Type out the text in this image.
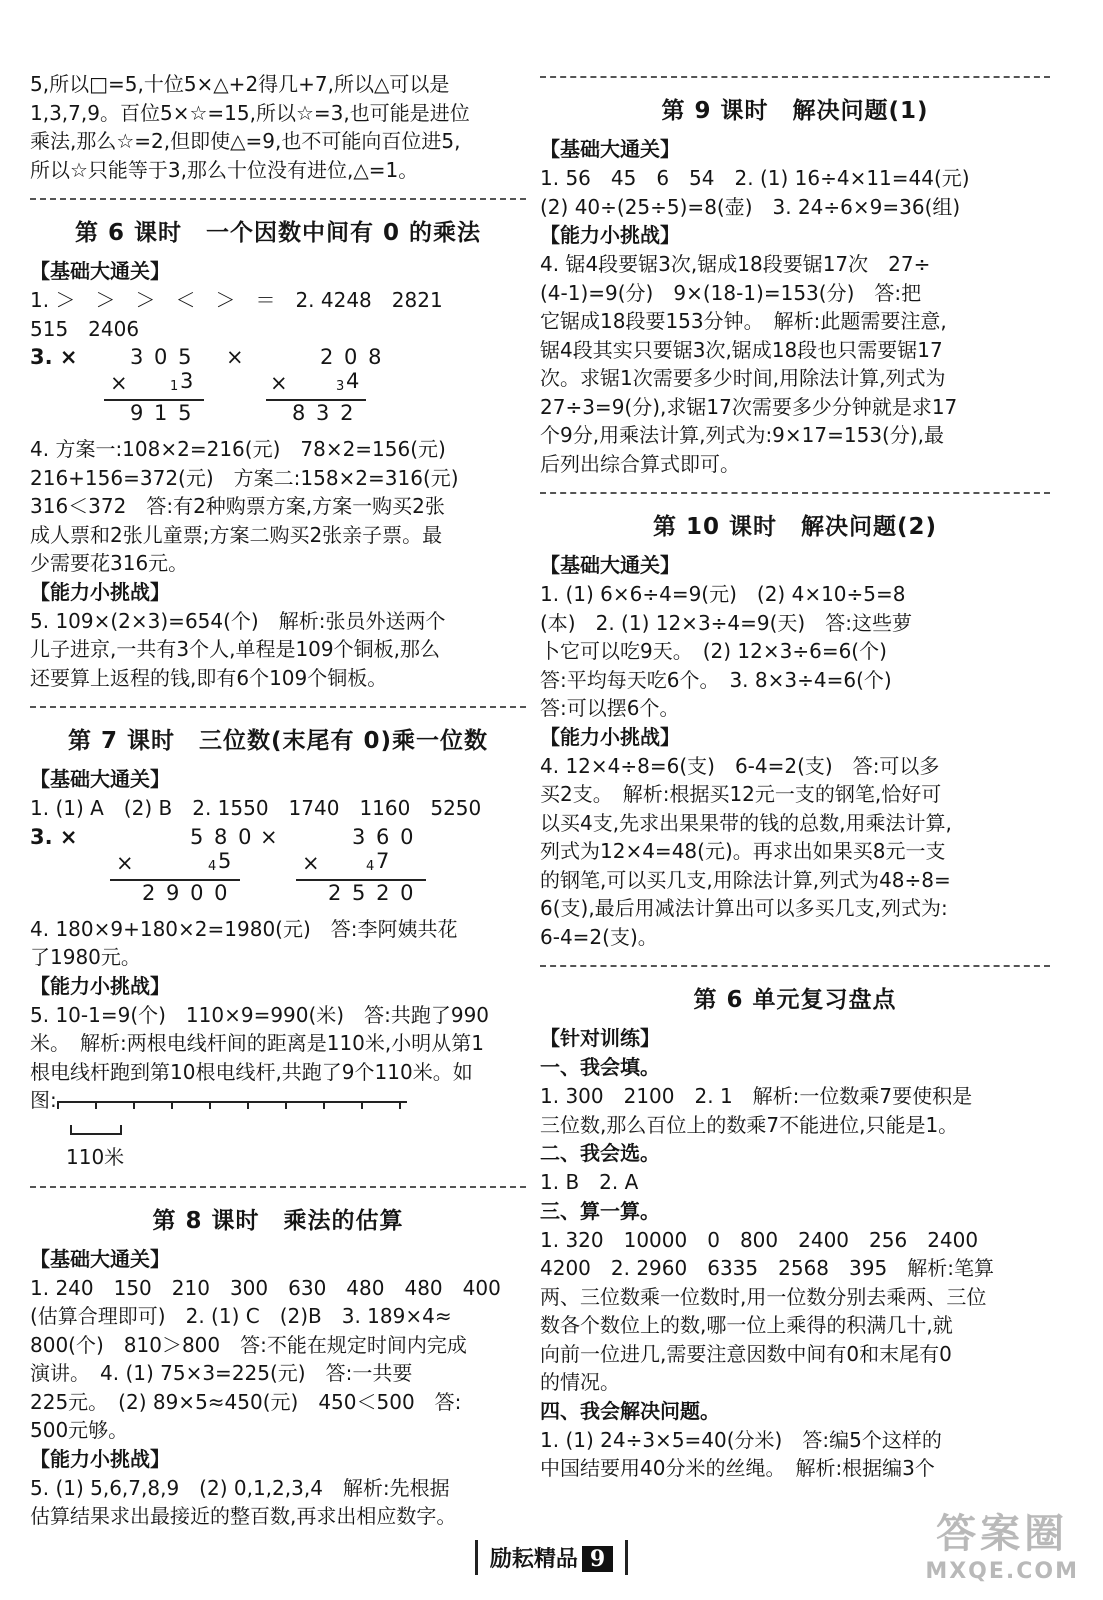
5,所以□=5,十位5×△+2得几+7,所以△可以是

1,3,7,9。百位5×☆=15,所以☆=3,也可能是进位

乘法,那么☆=2,但即使△=9,也不可能向百位进5,

所以☆只能等于3,那么十位没有进位,△=1。

第 6 课时　一个因数中间有 0 的乘法

【基础大通关】

1. ＞　＞　＞　＜　＞　＝　2. 4248　2821

515　2406

3. ×	3 0 5
×	1 3
9 1 5
×	2 0 8
×	3 4
8 3 2

4. 方案一:108×2=216(元)　78×2=156(元)

216+156=372(元)　方案二:158×2=316(元)

316＜372　答:有2种购票方案,方案一购买2张

成人票和2张儿童票;方案二购买2张亲子票。最

少需要花316元。

【能力小挑战】

5. 109×(2×3)=654(个)　解析:张员外送两个

儿子进京,一共有3个人,单程是109个铜板,那么

还要算上返程的钱,即有6个109个铜板。

第 7 课时　三位数(末尾有 0)乘一位数

【基础大通关】

1. (1) A　(2) B　2. 1550　1740　1160　5250

3. ×	5 8 0
×	4 5
2 9 0 0
×	3 6 0
×	4 7
2 5 2 0

4. 180×9+180×2=1980(元)　答:李阿姨共花

了1980元。

【能力小挑战】

5. 10-1=9(个)　110×9=990(米)　答:共跑了990

米。　解析:两根电线杆间的距离是110米,小明从第1

根电线杆跑到第10根电线杆,共跑了9个110米。如

图:

110米

第 8 课时　乘法的估算

【基础大通关】

1. 240　150　210　300　630　480　480　400

(估算合理即可)　2. (1) C　(2)B　3. 189×4≈

800(个)　810＞800　答:不能在规定时间内完成

演讲。　4. (1) 75×3=225(元)　答:一共要

225元。　(2) 89×5≈450(元)　450＜500　答:

500元够。

【能力小挑战】

5. (1) 5,6,7,8,9　(2) 0,1,2,3,4　解析:先根据

估算结果求出最接近的整百数,再求出相应数字。

第 9 课时　解决问题(1)

【基础大通关】

1. 56　45　6　54　2. (1) 16÷4×11=44(元)

(2) 40÷(25÷5)=8(壶)　3. 24÷6×9=36(组)

【能力小挑战】

4. 锯4段要锯3次,锯成18段要锯17次　27÷

(4-1)=9(分)　9×(18-1)=153(分)　答:把

它锯成18段要153分钟。　解析:此题需要注意,

锯4段其实只要锯3次,锯成18段也只需要锯17

次。求锯1次需要多少时间,用除法计算,列式为

27÷3=9(分),求锯17次需要多少分钟就是求17

个9分,用乘法计算,列式为:9×17=153(分),最

后列出综合算式即可。

第 10 课时　解决问题(2)

【基础大通关】

1. (1) 6×6÷4=9(元)　(2) 4×10÷5=8

(本)　2. (1) 12×3÷4=9(天)　答:这些萝

卜它可以吃9天。　(2) 12×3÷6=6(个)

答:平均每天吃6个。　3. 8×3÷4=6(个)

答:可以摆6个。

【能力小挑战】

4. 12×4÷8=6(支)　6-4=2(支)　答:可以多

买2支。　解析:根据买12元一支的钢笔,恰好可

以买4支,先求出果果带的钱的总数,用乘法计算,

列式为12×4=48(元)。再求出如果买8元一支

的钢笔,可以买几支,用除法计算,列式为48÷8=

6(支),最后用减法计算出可以多买几支,列式为:

6-4=2(支)。

第 6 单元复习盘点

【针对训练】

一、我会填。

1. 300　2100　2. 1　解析:一位数乘7要使积是

三位数,那么百位上的数乘7不能进位,只能是1。

二、我会选。

1. B　2. A

三、算一算。

1. 320　10000　0　800　2400　256　2400

4200　2. 2960　6335　2568　395　解析:笔算

两、三位数乘一位数时,用一位数分别去乘两、三位

数各个数位上的数,哪一位上乘得的积满几十,就

向前一位进几,需要注意因数中间有0和末尾有0

的情况。

四、我会解决问题。

1. (1) 24÷3×5=40(分米)　答:编5个这样的

中国结要用40分米的丝绳。　解析:根据编3个

励耘精品 9
答案圈
MXQE.COM
